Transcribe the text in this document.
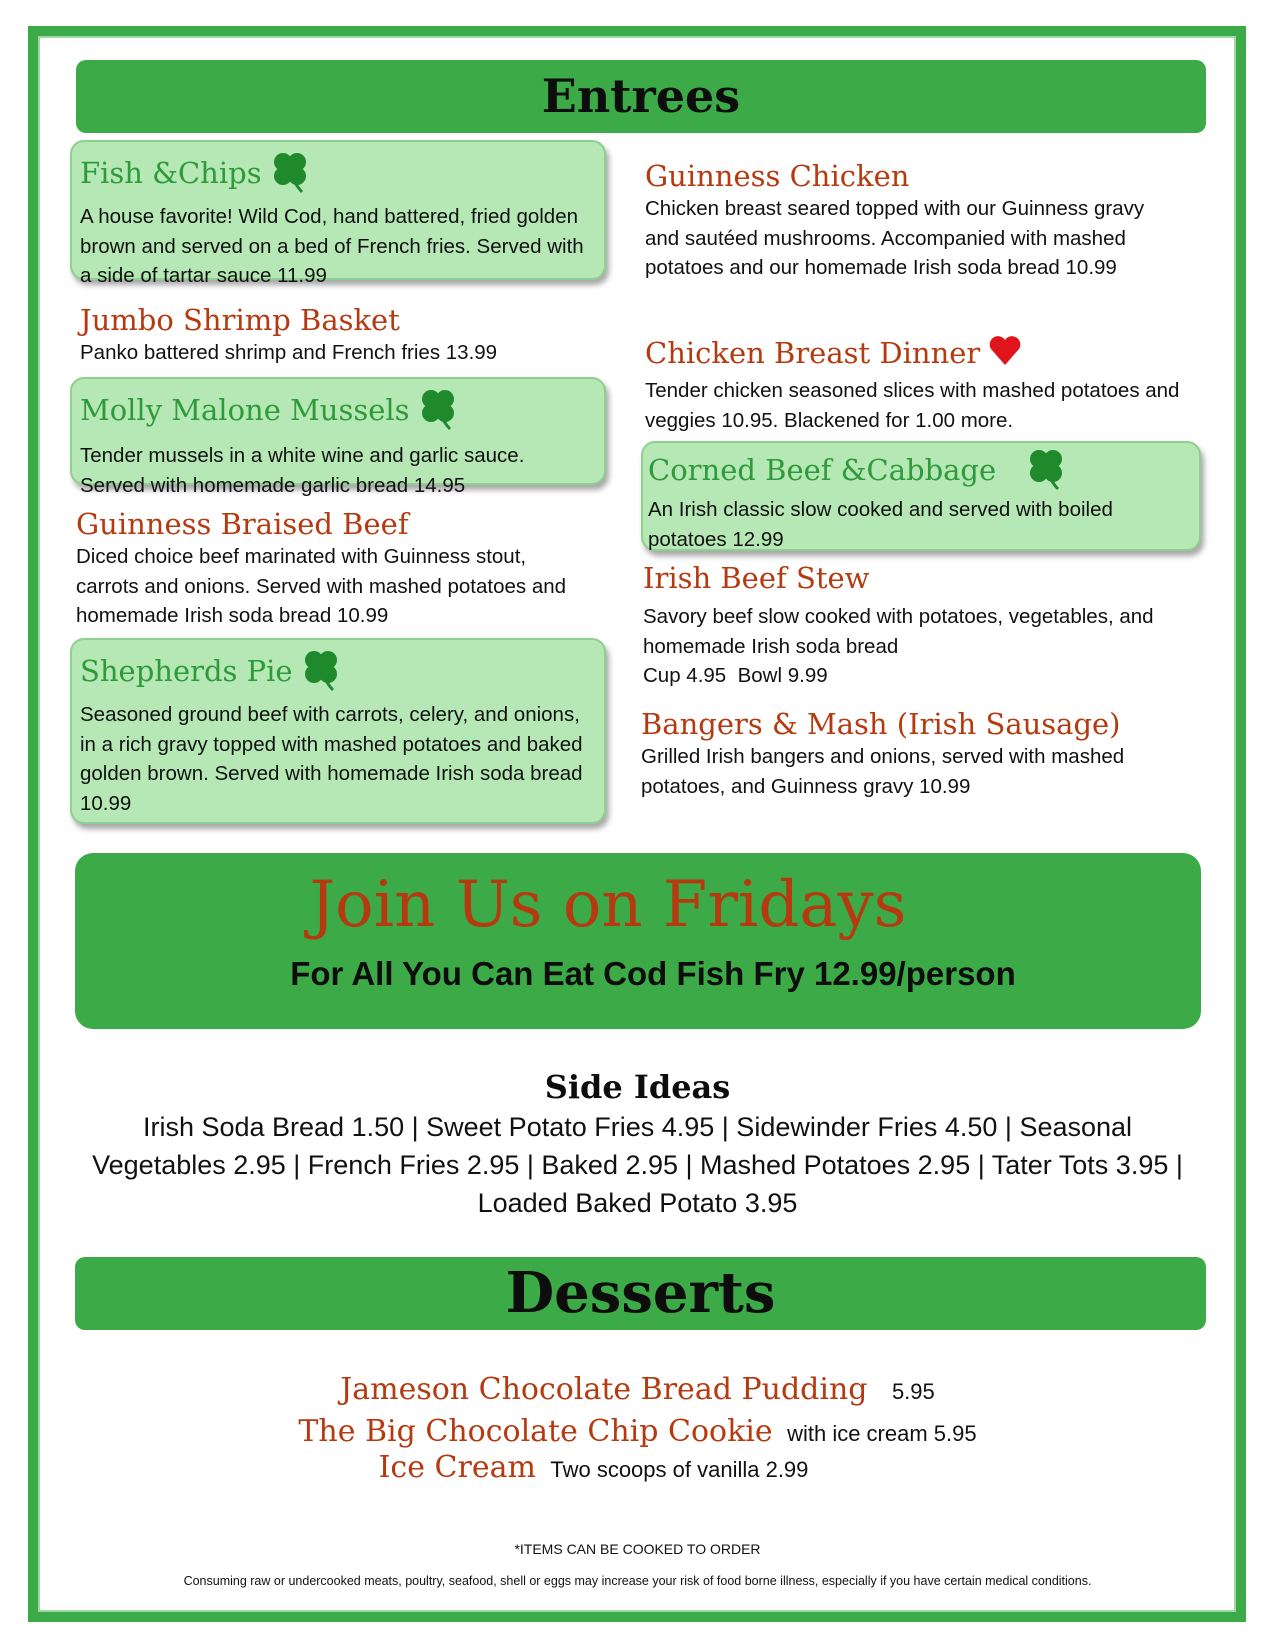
Entrees
Fish &Chips
A house favorite! Wild Cod, hand battered, fried golden brown and served on a bed of French fries. Served with a side of tartar sauce 11.99
Jumbo Shrimp Basket
Panko battered shrimp and French fries 13.99
Molly Malone Mussels
Tender mussels in a white wine and garlic sauce. Served with homemade garlic bread 14.95
Guinness Braised Beef
Diced choice beef marinated with Guinness stout, carrots and onions. Served with mashed potatoes and homemade Irish soda bread 10.99
Shepherds Pie
Seasoned ground beef with carrots, celery, and onions, in a rich gravy topped with mashed potatoes and baked golden brown. Served with homemade Irish soda bread 10.99
Guinness Chicken
Chicken breast seared topped with our Guinness gravy and sautéed mushrooms. Accompanied with mashed potatoes and our homemade Irish soda bread 10.99
Chicken Breast Dinner
Tender chicken seasoned slices with mashed potatoes and veggies 10.95. Blackened for 1.00 more.
Corned Beef &Cabbage
An Irish classic slow cooked and served with boiled potatoes 12.99
Irish Beef Stew
Savory beef slow cooked with potatoes, vegetables, and homemade Irish soda bread
Cup 4.95  Bowl 9.99
Bangers & Mash (Irish Sausage)
Grilled Irish bangers and onions, served with mashed potatoes, and Guinness gravy 10.99
Join Us on Fridays
For All You Can Eat Cod Fish Fry 12.99/person
Side Ideas
Irish Soda Bread 1.50 | Sweet Potato Fries 4.95 | Sidewinder Fries 4.50 | Seasonal Vegetables 2.95 | French Fries 2.95 | Baked 2.95 | Mashed Potatoes 2.95 | Tater Tots 3.95 | Loaded Baked Potato 3.95
Desserts
Jameson Chocolate Bread Pudding 5.95
The Big Chocolate Chip Cookie with ice cream 5.95
Ice Cream Two scoops of vanilla 2.99
*ITEMS CAN BE COOKED TO ORDER
Consuming raw or undercooked meats, poultry, seafood, shell or eggs may increase your risk of food borne illness, especially if you have certain medical conditions.
